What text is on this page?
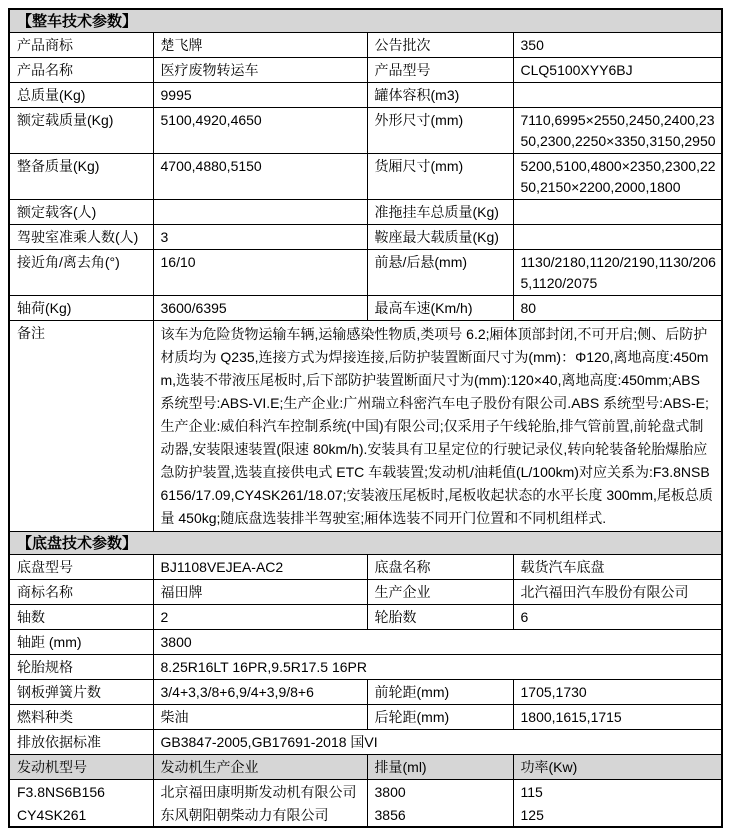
【整车技术参数】			
产品商标	楚飞牌	公告批次	350
产品名称	医疗废物转运车	产品型号	CLQ5100XYY6BJ
总质量(Kg)	9995	罐体容积(m3)	
额定载质量(Kg)	5100,4920,4650	外形尺寸(mm)	7110,6995×2550,2450,2400,2350,2300,2250×3350,3150,2950
整备质量(Kg)	4700,4880,5150	货厢尺寸(mm)	5200,5100,4800×2350,2300,2250,2150×2200,2000,1800
额定载客(人)		准拖挂车总质量(Kg)	
驾驶室准乘人数(人)	3	鞍座最大载质量(Kg)	
接近角/离去角(°)	16/10	前悬/后悬(mm)	1130/2180,1120/2190,1130/2065,1120/2075
轴荷(Kg)	3600/6395	最高车速(Km/h)	80
备注	该车为危险货物运输车辆,运输感染性物质,类项号 6.2;厢体顶部封闭,不可开启;侧、后防护材质均为 Q235,连接方式为焊接连接,后防护装置断面尺寸为(mm)：Φ120,离地高度:450mm,选装不带液压尾板时,后下部防护装置断面尺寸为(mm):120×40,离地高度:450mm;ABS 系统型号:ABS-VI.E;生产企业:广州瑞立科密汽车电子股份有限公司.ABS 系统型号:ABS-E;生产企业:威伯科汽车控制系统(中国)有限公司;仅采用子午线轮胎,排气管前置,前轮盘式制动器,安装限速装置(限速 80km/h).安装具有卫星定位的行驶记录仪,转向轮装备轮胎爆胎应急防护装置,选装直接供电式 ETC 车载装置;发动机/油耗值(L/100km)对应关系为:F3.8NSB6156/17.09,CY4SK261/18.07;安装液压尾板时,尾板收起状态的水平长度 300mm,尾板总质量 450kg;随底盘选装排半驾驶室;厢体选装不同开门位置和不同机组样式.		
【底盘技术参数】			
底盘型号	BJ1108VEJEA-AC2	底盘名称	载货汽车底盘
商标名称	福田牌	生产企业	北汽福田汽车股份有限公司
轴数	2	轮胎数	6
轴距 (mm)	3800		
轮胎规格	8.25R16LT 16PR,9.5R17.5 16PR		
钢板弹簧片数	3/4+3,3/8+6,9/4+3,9/8+6	前轮距(mm)	1705,1730
燃料种类	柴油	后轮距(mm)	1800,1615,1715
排放依据标准	GB3847-2005,GB17691-2018 国VI		
发动机型号	发动机生产企业	排量(ml)	功率(Kw)
F3.8NS6B156	北京福田康明斯发动机有限公司	3800	115
CY4SK261	东风朝阳朝柴动力有限公司	3856	125
